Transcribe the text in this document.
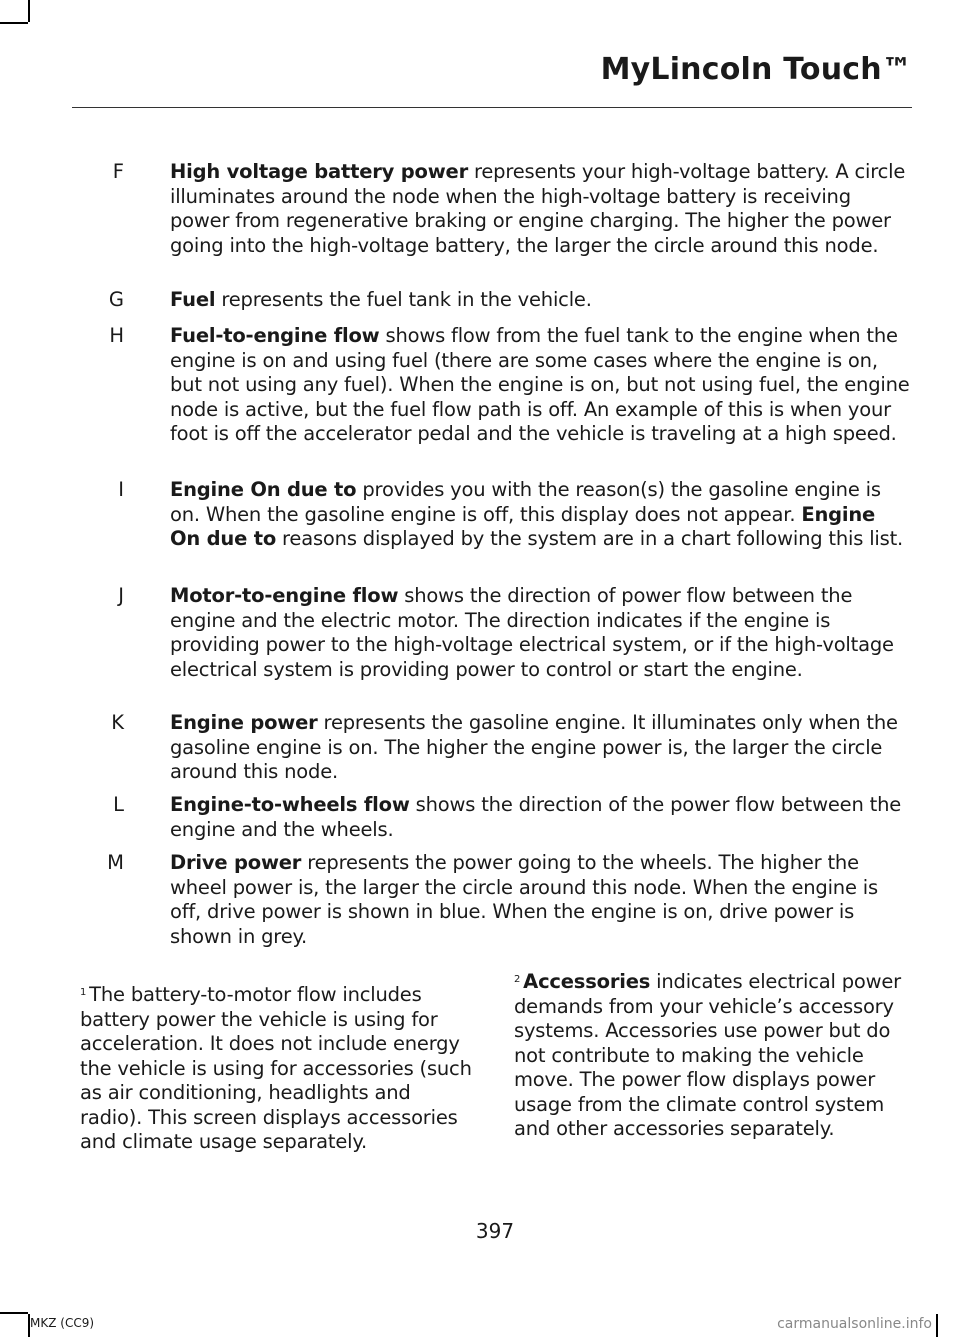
MyLincoln Touch™
F High voltage battery power represents your high-voltage battery. A circle illuminates around the node when the high-voltage battery is receiving power from regenerative braking or engine charging. The higher the power going into the high-voltage battery, the larger the circle around this node.
G Fuel represents the fuel tank in the vehicle.
H Fuel-to-engine flow shows flow from the fuel tank to the engine when the engine is on and using fuel (there are some cases where the engine is on, but not using any fuel). When the engine is on, but not using fuel, the engine node is active, but the fuel flow path is off. An example of this is when your foot is off the accelerator pedal and the vehicle is traveling at a high speed.
I Engine On due to provides you with the reason(s) the gasoline engine is on. When the gasoline engine is off, this display does not appear. Engine On due to reasons displayed by the system are in a chart following this list.
J Motor-to-engine flow shows the direction of power flow between the engine and the electric motor. The direction indicates if the engine is providing power to the high-voltage electrical system, or if the high-voltage electrical system is providing power to control or start the engine.
K Engine power represents the gasoline engine. It illuminates only when the gasoline engine is on. The higher the engine power is, the larger the circle around this node.
L Engine-to-wheels flow shows the direction of the power flow between the engine and the wheels.
M Drive power represents the power going to the wheels. The higher the wheel power is, the larger the circle around this node. When the engine is off, drive power is shown in blue. When the engine is on, drive power is shown in grey.
$^1$ The battery-to-motor flow includes battery power the vehicle is using for acceleration. It does not include energy the vehicle is using for accessories (such as air conditioning, headlights and radio). This screen displays accessories and climate usage separately.
$^2$ Accessories indicates electrical power demands from your vehicle’s accessory systems. Accessories use power but do not contribute to making the vehicle move. The power flow displays power usage from the climate control system and other accessories separately.
397
MKZ (CC9)	carmanualsonline.info
